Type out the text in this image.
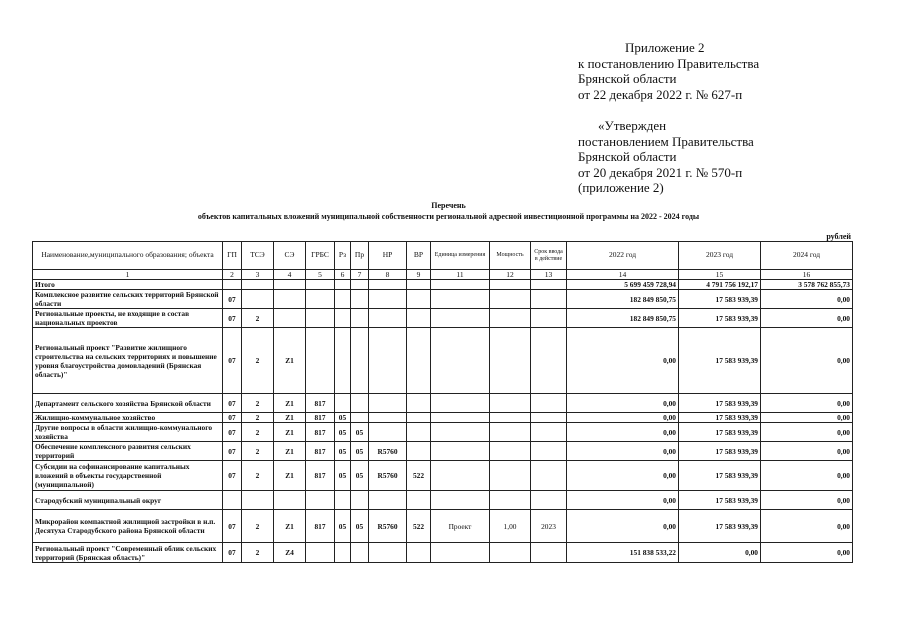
Приложение 2
к постановлению Правительства
Брянской области
от 22 декабря 2022 г. № 627-п
«Утвержден
постановлением Правительства
Брянской области
от 20 декабря 2021 г. № 570-п
(приложение 2)
Перечень
объектов капитальных вложений муниципальной собственности региональной адресной инвестиционной программы на 2022 - 2024 годы
рублей
Наименование,муниципального образования; объекта	ГП	ТСЭ	СЭ	ГРБС	Рз	Пр	НР	ВР	Единица измерения	Мощность	Срок ввода в действие	2022 год	2023 год	2024 год
1	2	3	4	5	6	7	8	9	11	12	13	14	15	16
Итого												5 699 459 728,94	4 791 756 192,17	3 578 762 855,73
Комплексное развитие сельских территорий Брянской области	07											182 849 850,75	17 583 939,39	0,00
Региональные проекты, не входящие в состав национальных проектов	07	2										182 849 850,75	17 583 939,39	0,00
Региональный проект "Развитие жилищного строительства на сельских территориях и повышение уровня благоустройства домовладений (Брянская область)"	07	2	Z1									0,00	17 583 939,39	0,00
Департамент сельского хозяйства Брянской области	07	2	Z1	817								0,00	17 583 939,39	0,00
Жилищно-коммунальное хозяйство	07	2	Z1	817	05							0,00	17 583 939,39	0,00
Другие вопросы в области жилищно-коммунального хозяйства	07	2	Z1	817	05	05						0,00	17 583 939,39	0,00
Обеспечение комплексного развития сельских территорий	07	2	Z1	817	05	05	R5760					0,00	17 583 939,39	0,00
Субсидии на софинансирование капитальных вложений в объекты государственной (муниципальной)	07	2	Z1	817	05	05	R5760	522				0,00	17 583 939,39	0,00
Стародубский муниципальный округ												0,00	17 583 939,39	0,00
Микрорайон компактной жилищной застройки в н.п. Десятуха Стародубского района Брянской области	07	2	Z1	817	05	05	R5760	522	Проект	1,00	2023	0,00	17 583 939,39	0,00
Региональный проект "Современный облик сельских территорий (Брянская область)"	07	2	Z4									151 838 533,22	0,00	0,00
